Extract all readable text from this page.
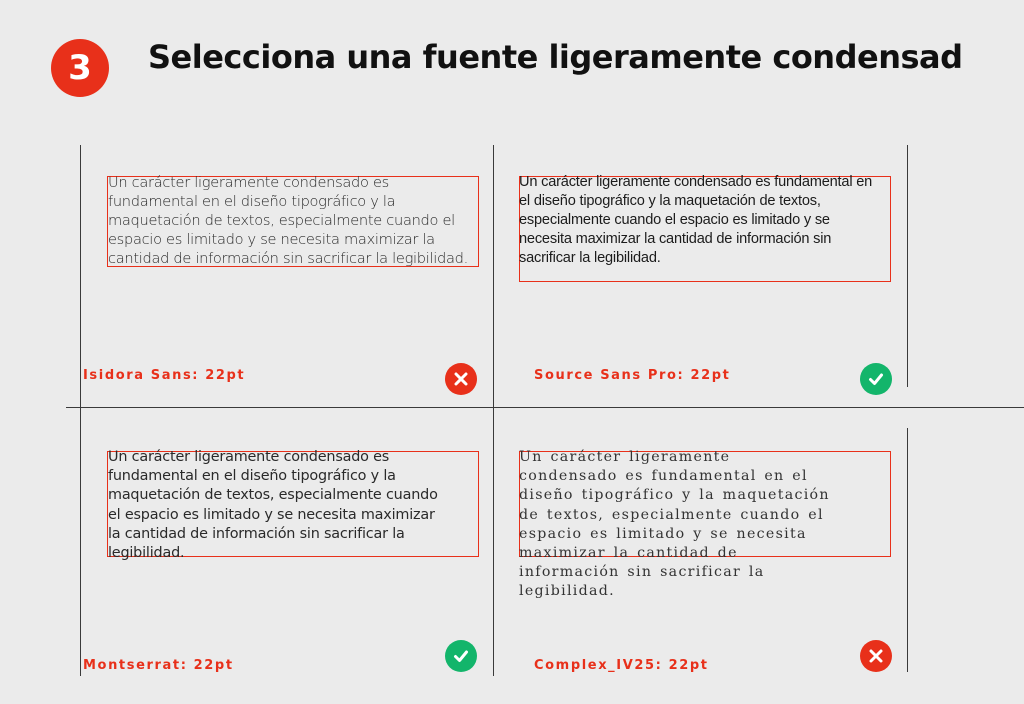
3 Selecciona una fuente ligeramente condensad
Un carácter ligeramente condensado es
fundamental en el diseño tipográfico y la
maquetación de textos, especialmente cuando el
espacio es limitado y se necesita maximizar la
cantidad de información sin sacrificar la legibilidad.
Isidora Sans: 22pt
Un carácter ligeramente condensado es fundamental en
el diseño tipográfico y la maquetación de textos,
especialmente cuando el espacio es limitado y se
necesita maximizar la cantidad de información sin
sacrificar la legibilidad.
Source Sans Pro: 22pt
Un carácter ligeramente condensado es
fundamental en el diseño tipográfico y la
maquetación de textos, especialmente cuando
el espacio es limitado y se necesita maximizar
la cantidad de información sin sacrificar la
legibilidad.
Montserrat: 22pt
Un carácter ligeramente
condensado es fundamental en el
diseño tipográfico y la maquetación
de textos, especialmente cuando el
espacio es limitado y se necesita
maximizar la cantidad de
información sin sacrificar la
legibilidad.
Complex_IV25: 22pt
